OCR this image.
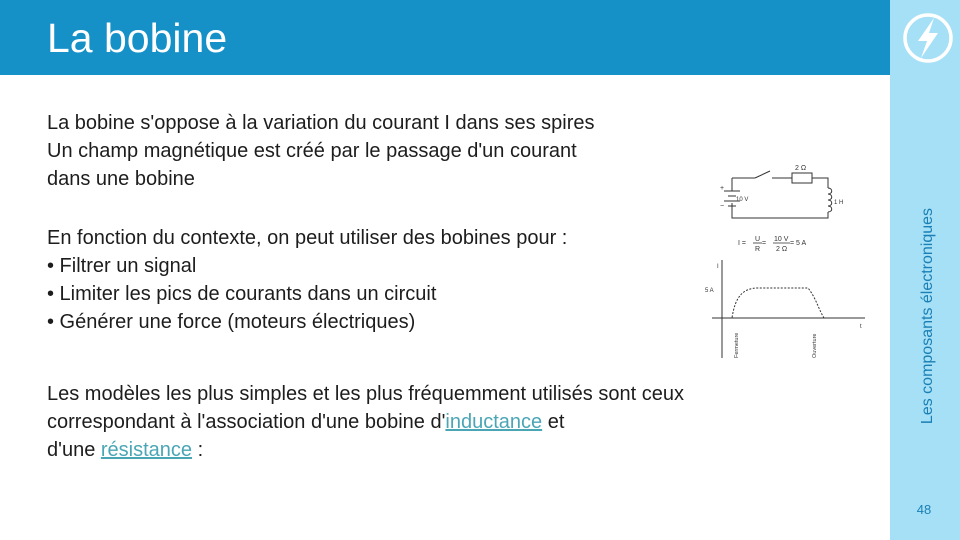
La bobine
Les composants électroniques
48
La bobine s'oppose à la variation du courant I dans ses spires
Un champ magnétique est créé par le passage d'un courant
dans une bobine
En fonction du contexte, on peut utiliser des bobines pour :
• Filtrer un signal
• Limiter les pics de courants dans un circuit
• Générer une force (moteurs électriques)
Les modèles les plus simples et les plus fréquemment utilisés sont ceux
correspondant à l'association d'une bobine d'inductance et
d'une résistance :
2 Ω
10 V	1 H
+
−
I =
U
R
=
10 V
2 Ω
= 5 A
I
5 A
t
Fermeture	Ouverture
